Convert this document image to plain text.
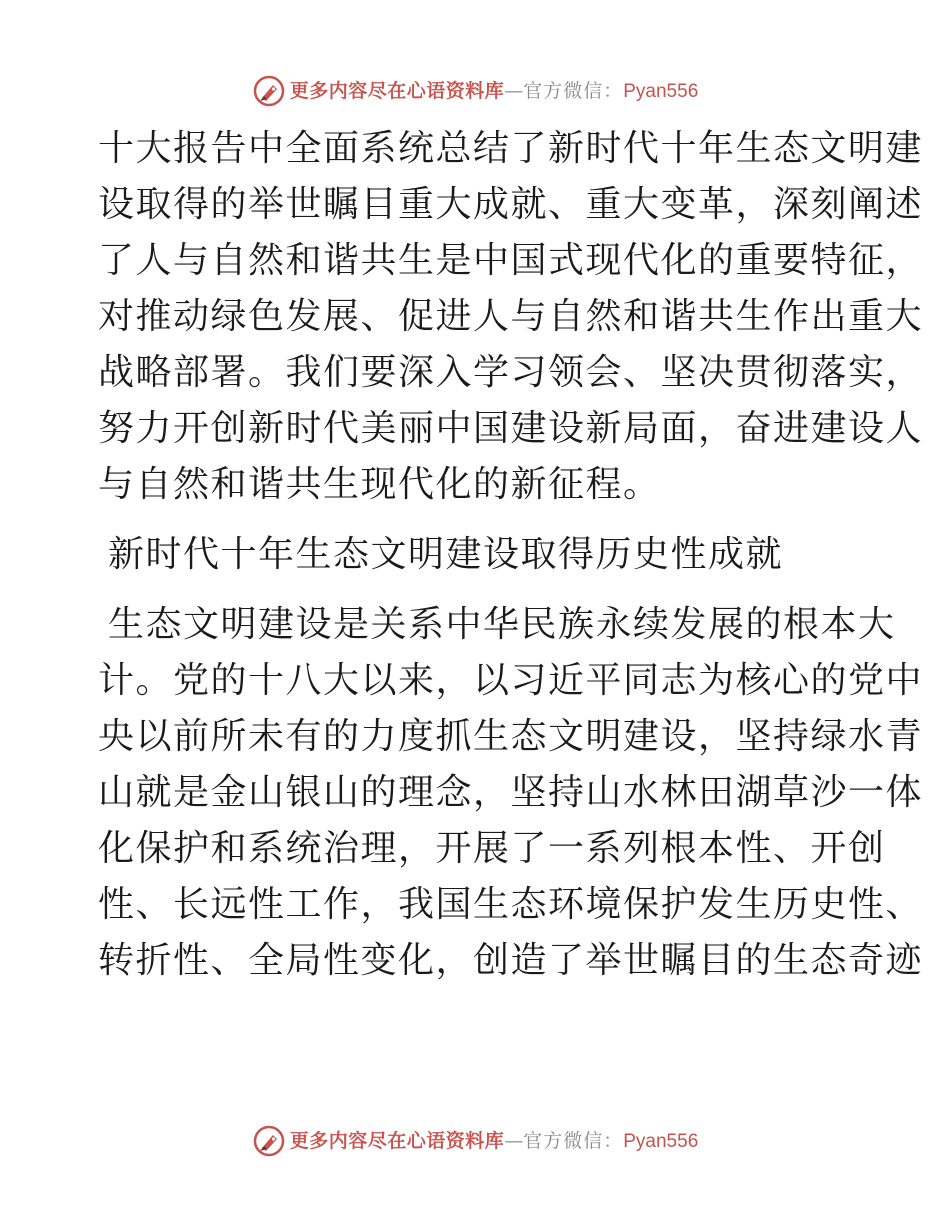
更多内容尽在心语资料库 — 官方微信： Pyan556
十大报告中全面系统总结了新时代十年生态文明建
设取得的举世瞩目重大成就、重大变革，深刻阐述
了人与自然和谐共生是中国式现代化的重要特征，
对推动绿色发展、促进人与自然和谐共生作出重大
战略部署。我们要深入学习领会、坚决贯彻落实，
努力开创新时代美丽中国建设新局面，奋进建设人
与自然和谐共生现代化的新征程。
新时代十年生态文明建设取得历史性成就
生态文明建设是关系中华民族永续发展的根本大
计。党的十八大以来，以习近平同志为核心的党中
央以前所未有的力度抓生态文明建设，坚持绿水青
山就是金山银山的理念，坚持山水林田湖草沙一体
化保护和系统治理，开展了一系列根本性、开创
性、长远性工作，我国生态环境保护发生历史性、
转折性、全局性变化，创造了举世瞩目的生态奇迹
更多内容尽在心语资料库 — 官方微信： Pyan556
